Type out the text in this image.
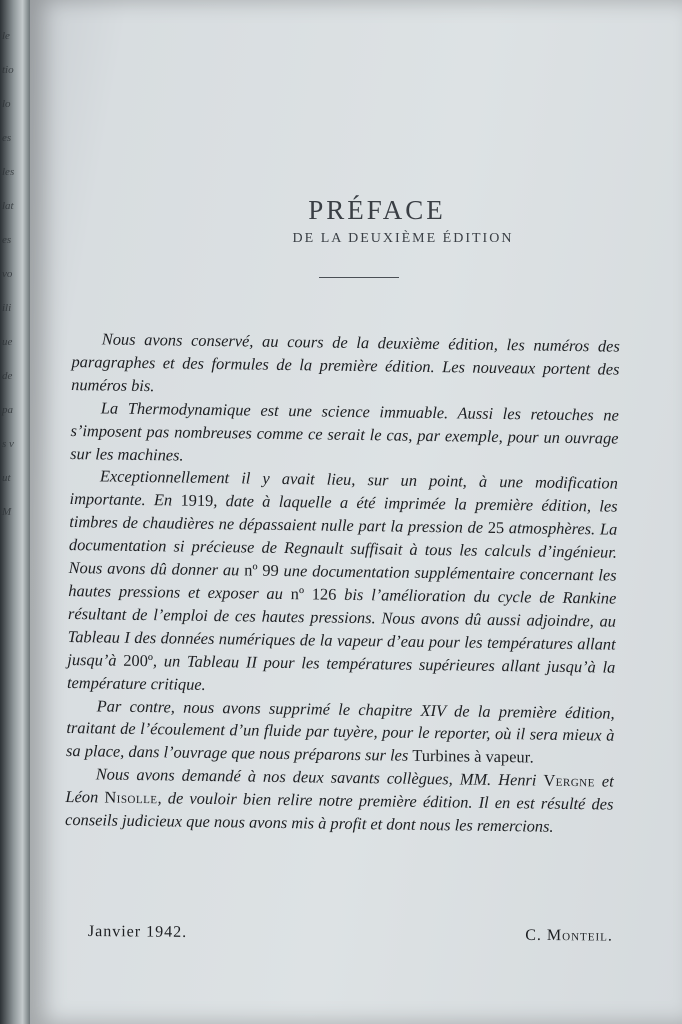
le
tio
lo
es
les
lat
es
vo
ili
ue
de
pa
s v
ut
M
PRÉFACE
DE LA DEUXIÈME ÉDITION

Nous avons conservé, au cours de la deuxième édition, les numéros des paragraphes et des formules de la première édition. Les nouveaux portent des numéros bis.

La Thermodynamique est une science immuable. Aussi les retouches ne s’imposent pas nombreuses comme ce serait le cas, par exemple, pour un ouvrage sur les machines.

Exceptionnellement il y avait lieu, sur un point, à une modification importante. En 1919, date à laquelle a été imprimée la première édition, les timbres de chaudières ne dépassaient nulle part la pression de 25 atmosphères. La documentation si précieuse de Regnault suffisait à tous les calculs d’ingénieur. Nous avons dû donner au nº 99 une documentation supplémentaire concernant les hautes pressions et exposer au nº 126 bis l’amélioration du cycle de Rankine résultant de l’emploi de ces hautes pressions. Nous avons dû aussi adjoindre, au Tableau I des données numériques de la vapeur d’eau pour les températures allant jusqu’à 200º, un Tableau II pour les températures supérieures allant jusqu’à la température critique.

Par contre, nous avons supprimé le chapitre XIV de la première édition, traitant de l’écoulement d’un fluide par tuyère, pour le reporter, où il sera mieux à sa place, dans l’ouvrage que nous préparons sur les Turbines à vapeur.

Nous avons demandé à nos deux savants collègues, MM. Henri Vergne et Léon Nisolle, de vouloir bien relire notre première édition. Il en est résulté des conseils judicieux que nous avons mis à profit et dont nous les remercions.

Janvier 1942.	C. Monteil.
